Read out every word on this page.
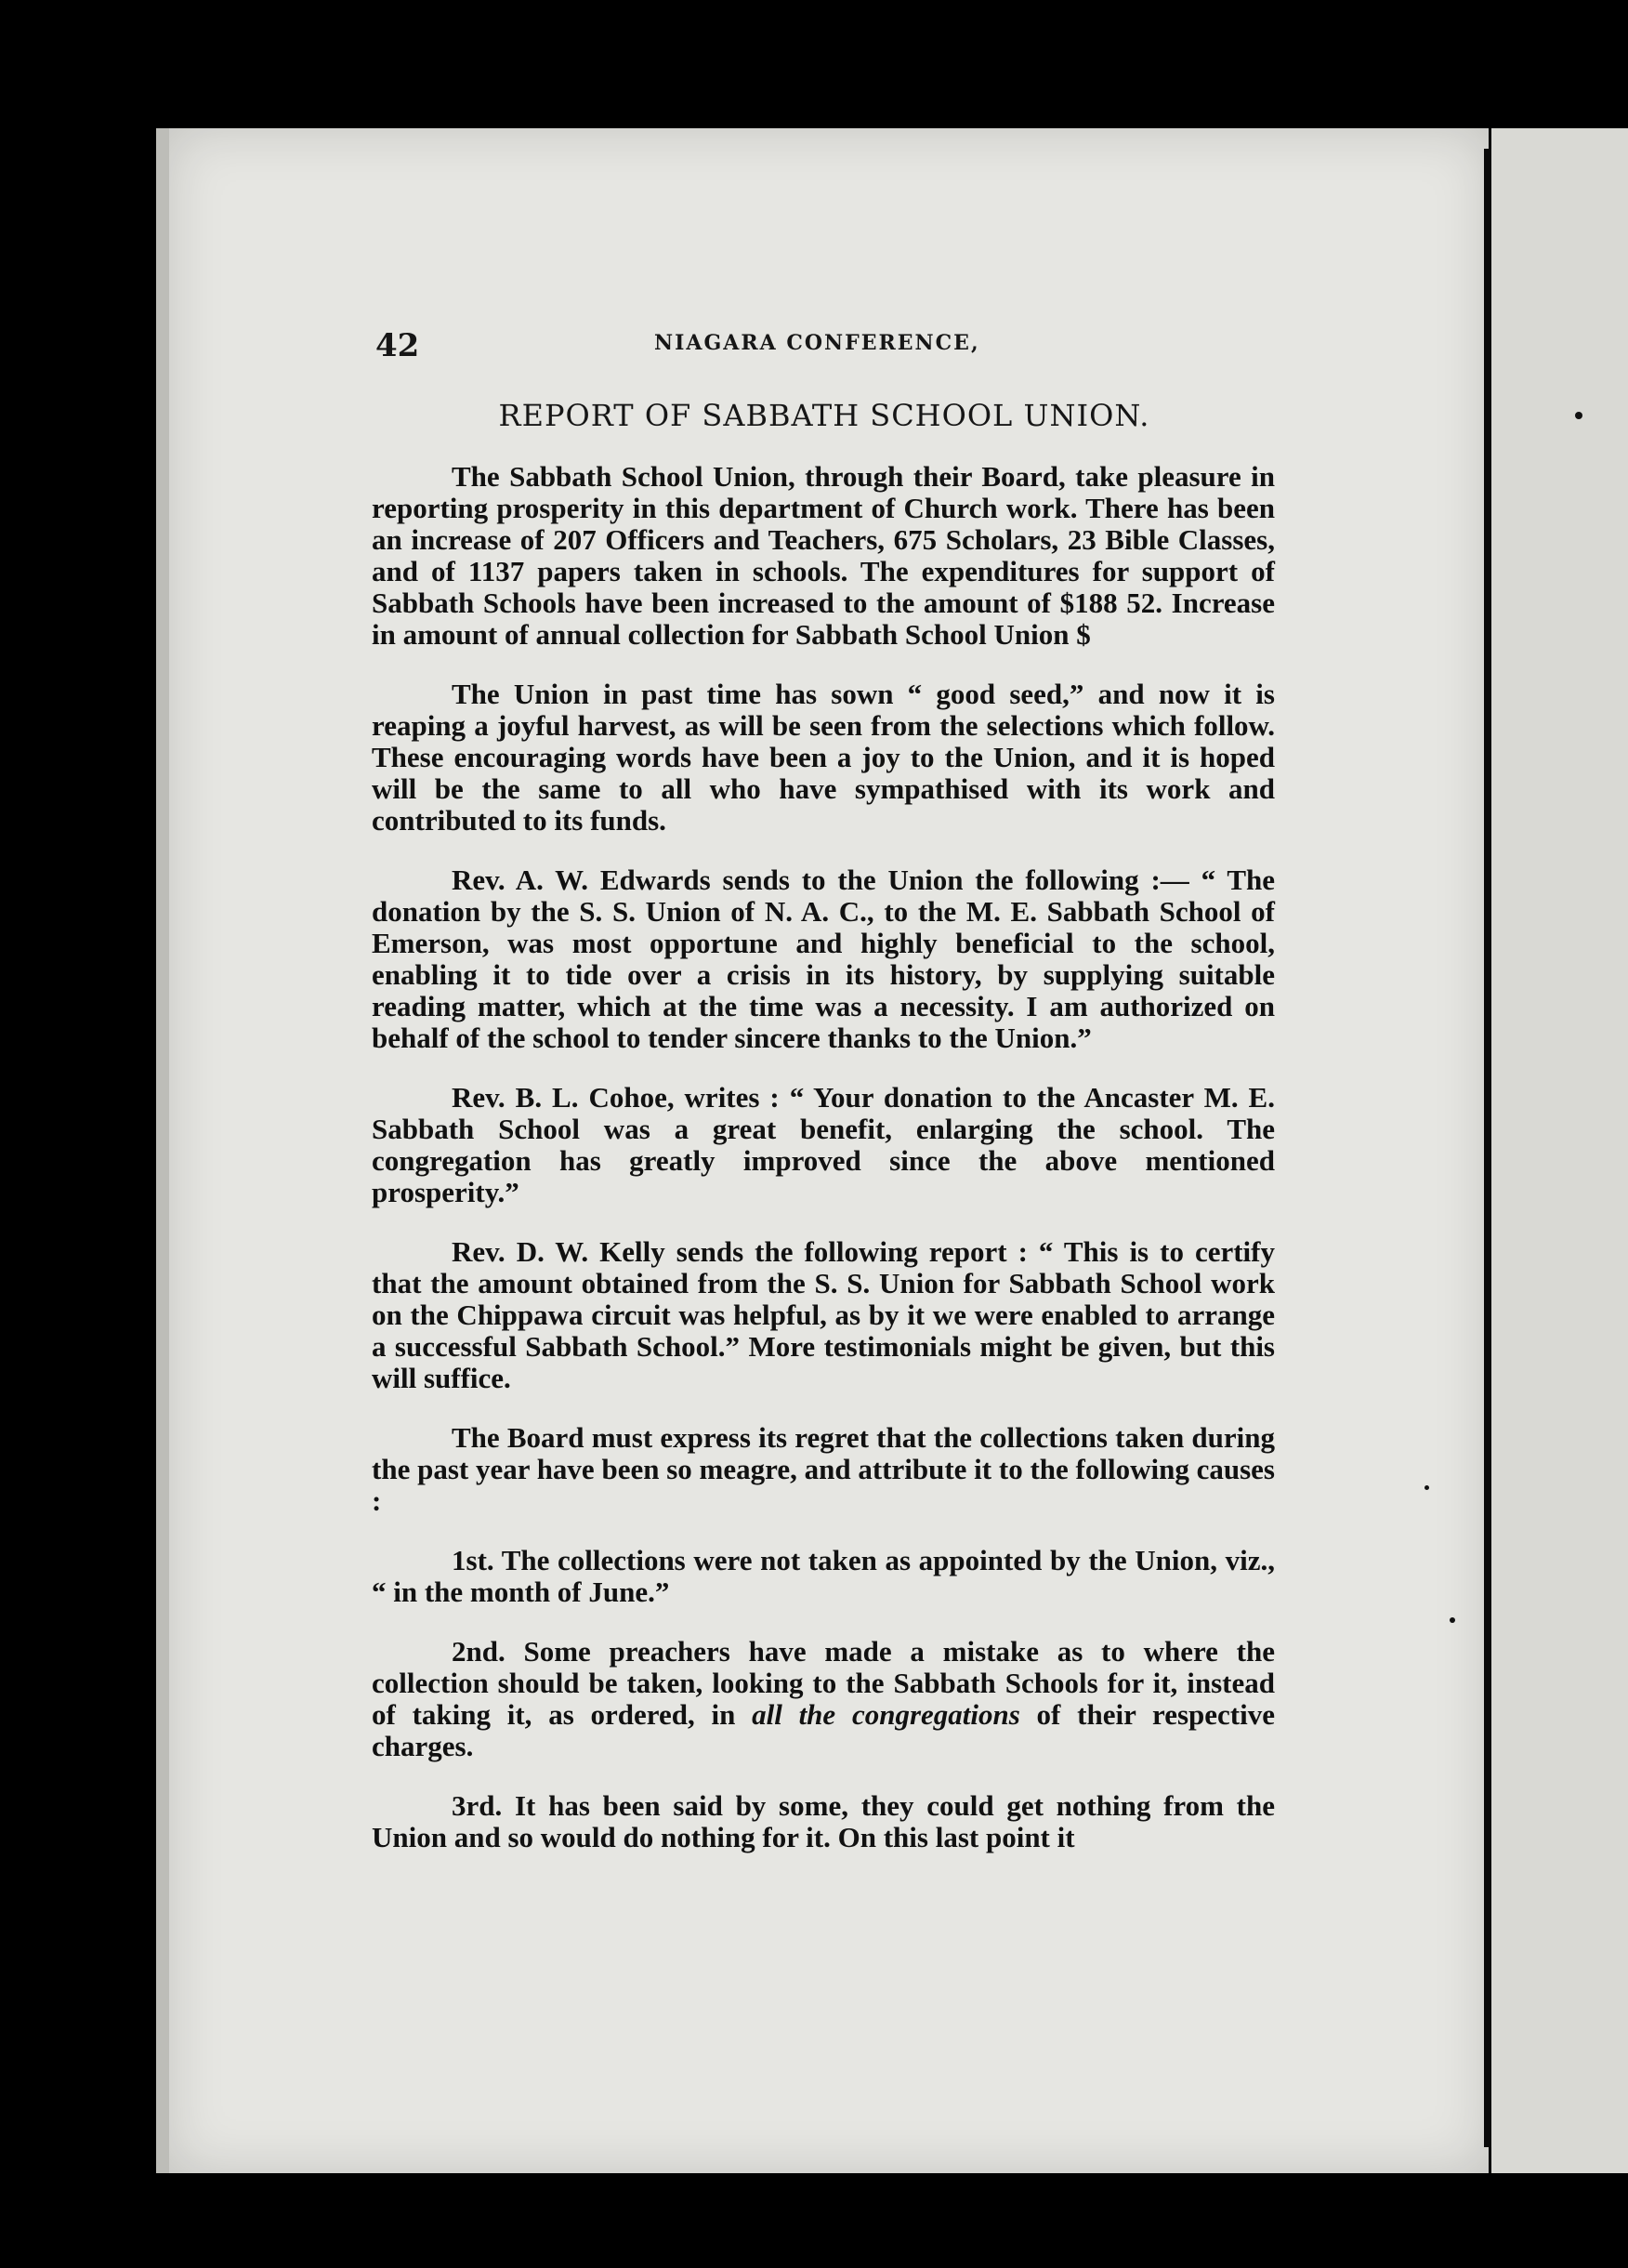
42	NIAGARA CONFERENCE,
REPORT OF SABBATH SCHOOL UNION.

The Sabbath School Union, through their Board, take pleasure in reporting prosperity in this department of Church work. There has been an increase of 207 Officers and Teachers, 675 Scholars, 23 Bible Classes, and of 1137 papers taken in schools. The expenditures for support of Sabbath Schools have been increased to the amount of $188 52. Increase in amount of annual collection for Sabbath School Union $

The Union in past time has sown “ good seed,” and now it is reaping a joyful harvest, as will be seen from the selections which follow. These encouraging words have been a joy to the Union, and it is hoped will be the same to all who have sympathised with its work and contributed to its funds.

Rev. A. W. Edwards sends to the Union the following :— “ The donation by the S. S. Union of N. A. C., to the M. E. Sabbath School of Emerson, was most opportune and highly beneficial to the school, enabling it to tide over a crisis in its history, by supplying suitable reading matter, which at the time was a necessity. I am authorized on behalf of the school to tender sincere thanks to the Union.”

Rev. B. L. Cohoe, writes : “ Your donation to the Ancaster M. E. Sabbath School was a great benefit, enlarging the school. The congregation has greatly improved since the above mentioned prosperity.”

Rev. D. W. Kelly sends the following report : “ This is to certify that the amount obtained from the S. S. Union for Sabbath School work on the Chippawa circuit was helpful, as by it we were enabled to arrange a successful Sabbath School.” More testimonials might be given, but this will suffice.

The Board must express its regret that the collections taken during the past year have been so meagre, and attribute it to the following causes :

1st. The collections were not taken as appointed by the Union, viz., “ in the month of June.”

2nd. Some preachers have made a mistake as to where the collection should be taken, looking to the Sabbath Schools for it, instead of taking it, as ordered, in all the congregations of their respective charges.

3rd. It has been said by some, they could get nothing from the Union and so would do nothing for it. On this last point it
